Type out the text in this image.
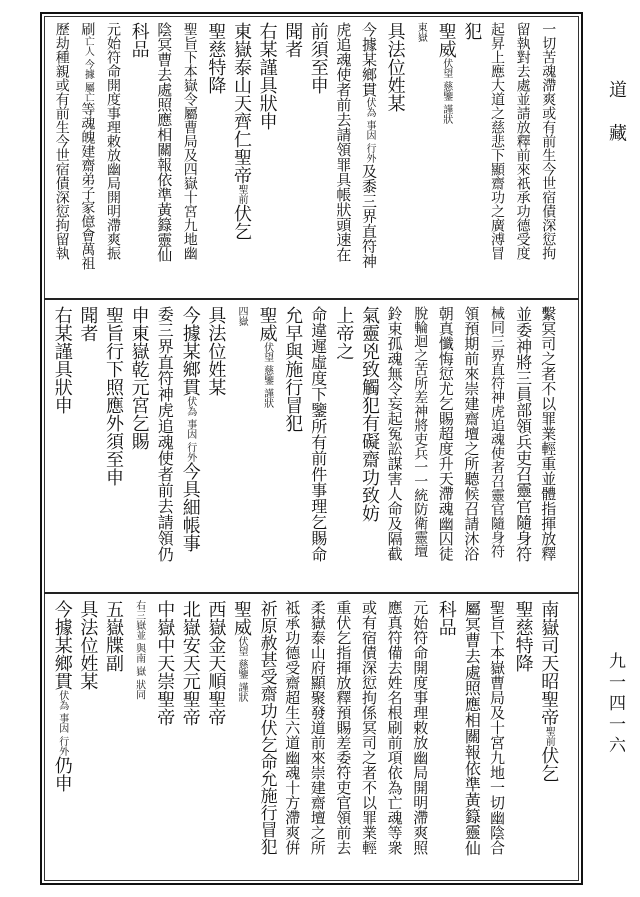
道 藏
九一四一六
一切苦魂滯爽或有前生今世宿債深愆拘
留執對去處並請放釋前來祇承功德受度
起昇上應大道之慈悲下顯齋功之廣溥冒
犯
聖威伏望 慈鑒 謹狀
東嶽
具法位姓某
今據某鄉貫伏為 事因 行外及黍三界直符神
虎追魂使者前去請領罪具帳狀頭速在
前須至申
聞者
右某謹具狀申
東嶽泰山天齊仁聖帝聖前伏乞
聖慈特降
聖旨下本嶽令屬曹局及四嶽十宮九地幽
陰冥曹去處照應相關報依準黃籙靈仙
科品
元始符命開度事理敕放幽局開明滯爽振
刷亡人 今據 屬亡等魂魄建齋弟子家億會萬祖
歷劫種親或有前生今世宿債深愆拘留執
繫冥司之者不以罪業輕重並體指揮放釋
並委神將三員部領兵吏召靈官隨身符
械同三界直符神虎追魂使者召靈官隨身符
領預期前來崇建齋壇之所聽候召請沐浴
朝真懺悔愆尤乞賜超度升天滯魂幽囚徒
脫輪迴之苦所差神將吏兵一一統防衛靈壇
鈴束孤魂無令妄起冤訟謀害人命及隔截
氣靈兇致觸犯有礙齋功致妨
上帝之
命違遲虛度下鑒所有前件事理乞賜命
允早與施行冒犯
聖威伏望 慈鑒 謹狀
四嶽
具法位姓某
今據某鄉貫伏為 事因 行外今具細帳事
委三界直符神虎追魂使者前去請領仍
申東嶽乾元宮乞賜
聖旨行下照應外須至申
聞者
右某謹具狀申
南嶽司天昭聖帝聖前伏乞
聖慈特降
聖旨下本嶽曹局及十宮九地一切幽陰合
屬冥曹去處照應相關報依準黃籙靈仙
科品
元始符命開度事理敕放幽局開明滯爽照
應真符備去姓名根刷前項依為亡魂等衆
或有宿債深愆拘係冥司之者不以罪業輕
重伏乞指揮放釋預賜差委符吏官領前去
柔嶽泰山府顯聚發道前來崇建齋壇之所
祗承功德受齋超生六道幽魂十方滯爽倂
祈原赦甚受齋功伏乞命允施行冒犯
聖威伏望 慈鑒 謹狀
西嶽金天順聖帝
北嶽安天元聖帝
中嶽中天崇聖帝
右三嶽並 與南 嶽 狀同
五嶽牒副
具法位姓某
今據某鄉貫伏為 事因 行外仍申
